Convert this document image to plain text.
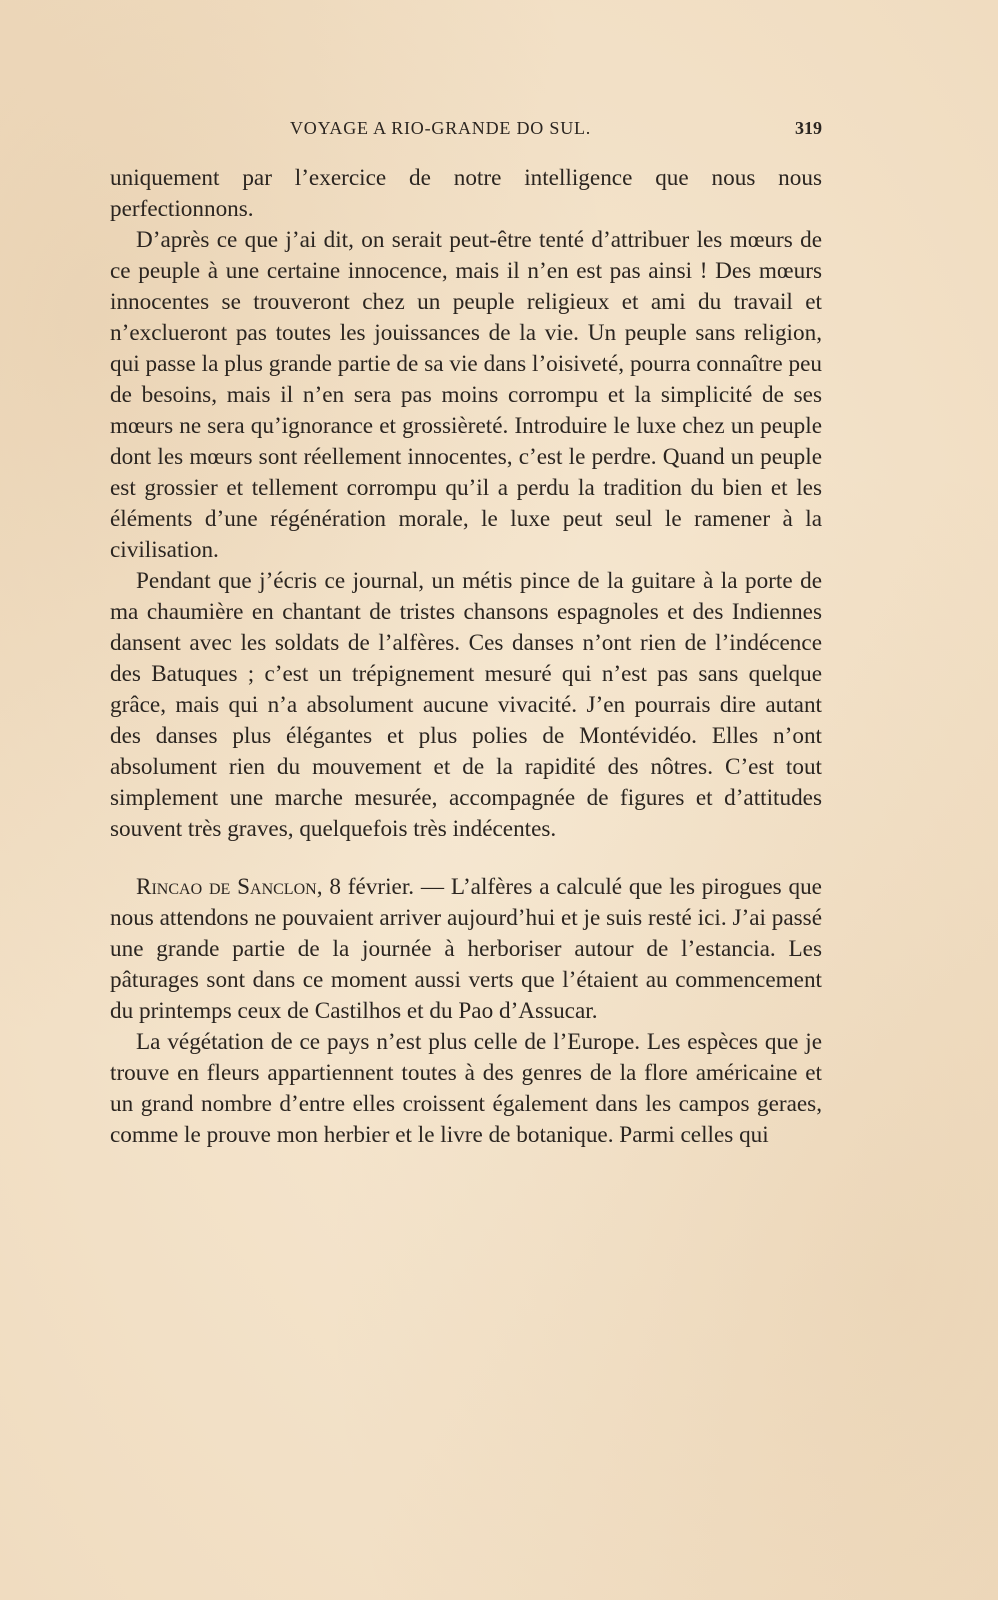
VOYAGE A RIO-GRANDE DO SUL.	319

uniquement par l’exercice de notre intelligence que nous nous perfectionnons.

D’après ce que j’ai dit, on serait peut-être tenté d’attribuer les mœurs de ce peuple à une certaine innocence, mais il n’en est pas ainsi ! Des mœurs innocentes se trouveront chez un peuple religieux et ami du travail et n’exclueront pas toutes les jouissances de la vie. Un peuple sans religion, qui passe la plus grande partie de sa vie dans l’oisiveté, pourra connaître peu de besoins, mais il n’en sera pas moins corrompu et la simplicité de ses mœurs ne sera qu’ignorance et grossièreté. Introduire le luxe chez un peuple dont les mœurs sont réellement innocentes, c’est le perdre. Quand un peuple est grossier et tellement corrompu qu’il a perdu la tradition du bien et les éléments d’une régénération morale, le luxe peut seul le ramener à la civilisation.

Pendant que j’écris ce journal, un métis pince de la guitare à la porte de ma chaumière en chantant de tristes chansons espagnoles et des Indiennes dansent avec les soldats de l’alfères. Ces danses n’ont rien de l’indécence des Batuques ; c’est un trépignement mesuré qui n’est pas sans quelque grâce, mais qui n’a absolument aucune vivacité. J’en pourrais dire autant des danses plus élégantes et plus polies de Montévidéo. Elles n’ont absolument rien du mouvement et de la rapidité des nôtres. C’est tout simplement une marche mesurée, accompagnée de figures et d’attitudes souvent très graves, quelquefois très indécentes.

Rincao de Sanclon, 8 février. — L’alfères a calculé que les pirogues que nous attendons ne pouvaient arriver aujourd’hui et je suis resté ici. J’ai passé une grande partie de la journée à herboriser autour de l’estancia. Les pâturages sont dans ce moment aussi verts que l’étaient au commencement du printemps ceux de Castilhos et du Pao d’Assucar.

La végétation de ce pays n’est plus celle de l’Europe. Les espèces que je trouve en fleurs appartiennent toutes à des genres de la flore américaine et un grand nombre d’entre elles croissent également dans les campos geraes, comme le prouve mon herbier et le livre de botanique. Parmi celles qui
